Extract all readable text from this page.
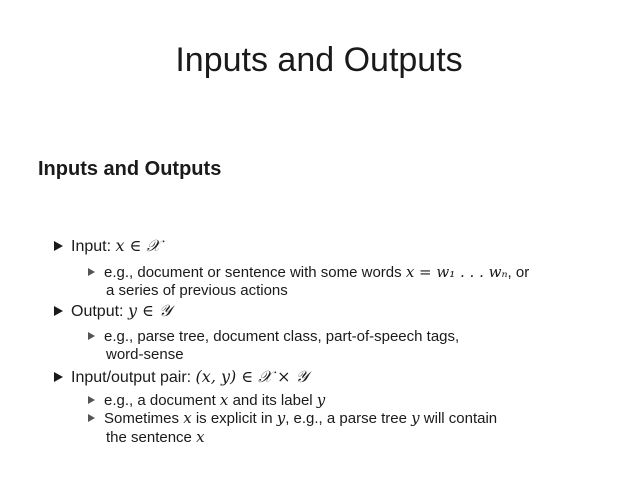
Inputs and Outputs
Inputs and Outputs
Input: x ∈ 𝒳
e.g., document or sentence with some words x = w₁ . . . wₙ, or
a series of previous actions
Output: y ∈ 𝒴
e.g., parse tree, document class, part-of-speech tags,
word-sense
Input/output pair: (x, y) ∈ 𝒳 × 𝒴
e.g., a document x and its label y
Sometimes x is explicit in y, e.g., a parse tree y will contain
the sentence x
